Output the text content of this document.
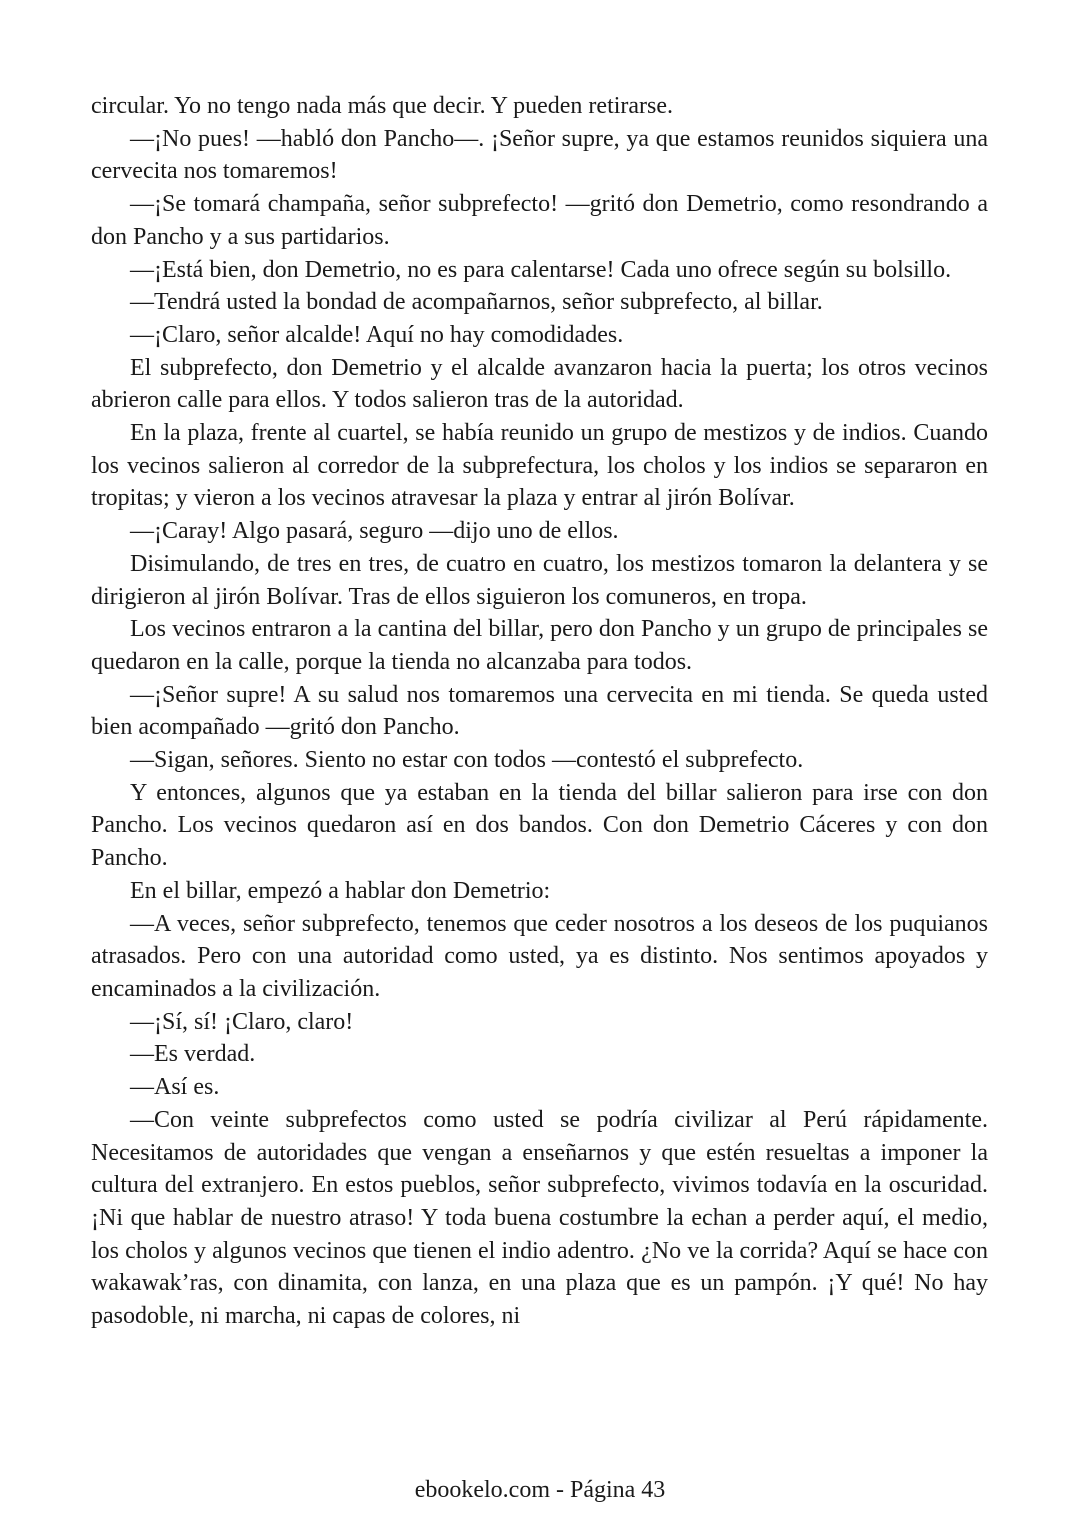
circular. Yo no tengo nada más que decir. Y pueden retirarse.

—¡No pues! —habló don Pancho—. ¡Señor supre, ya que estamos reunidos siquiera una cervecita nos tomaremos!

—¡Se tomará champaña, señor subprefecto! —gritó don Demetrio, como resondrando a don Pancho y a sus partidarios.

—¡Está bien, don Demetrio, no es para calentarse! Cada uno ofrece según su bolsillo.

—Tendrá usted la bondad de acompañarnos, señor subprefecto, al billar.

—¡Claro, señor alcalde! Aquí no hay comodidades.

El subprefecto, don Demetrio y el alcalde avanzaron hacia la puerta; los otros vecinos abrieron calle para ellos. Y todos salieron tras de la autoridad.

En la plaza, frente al cuartel, se había reunido un grupo de mestizos y de indios. Cuando los vecinos salieron al corredor de la subprefectura, los cholos y los indios se separaron en tropitas; y vieron a los vecinos atravesar la plaza y entrar al jirón Bolívar.

—¡Caray! Algo pasará, seguro —dijo uno de ellos.

Disimulando, de tres en tres, de cuatro en cuatro, los mestizos tomaron la delantera y se dirigieron al jirón Bolívar. Tras de ellos siguieron los comuneros, en tropa.

Los vecinos entraron a la cantina del billar, pero don Pancho y un grupo de principales se quedaron en la calle, porque la tienda no alcanzaba para todos.

—¡Señor supre! A su salud nos tomaremos una cervecita en mi tienda. Se queda usted bien acompañado —gritó don Pancho.

—Sigan, señores. Siento no estar con todos —contestó el subprefecto.

Y entonces, algunos que ya estaban en la tienda del billar salieron para irse con don Pancho. Los vecinos quedaron así en dos bandos. Con don Demetrio Cáceres y con don Pancho.

En el billar, empezó a hablar don Demetrio:

—A veces, señor subprefecto, tenemos que ceder nosotros a los deseos de los puquianos atrasados. Pero con una autoridad como usted, ya es distinto. Nos sentimos apoyados y encaminados a la civilización.

—¡Sí, sí! ¡Claro, claro!

—Es verdad.

—Así es.

—Con veinte subprefectos como usted se podría civilizar al Perú rápidamente. Necesitamos de autoridades que vengan a enseñarnos y que estén resueltas a imponer la cultura del extranjero. En estos pueblos, señor subprefecto, vivimos todavía en la oscuridad. ¡Ni que hablar de nuestro atraso! Y toda buena costumbre la echan a perder aquí, el medio, los cholos y algunos vecinos que tienen el indio adentro. ¿No ve la corrida? Aquí se hace con wakawak’ras, con dinamita, con lanza, en una plaza que es un pampón. ¡Y qué! No hay pasodoble, ni marcha, ni capas de colores, ni

ebookelo.com - Página 43
